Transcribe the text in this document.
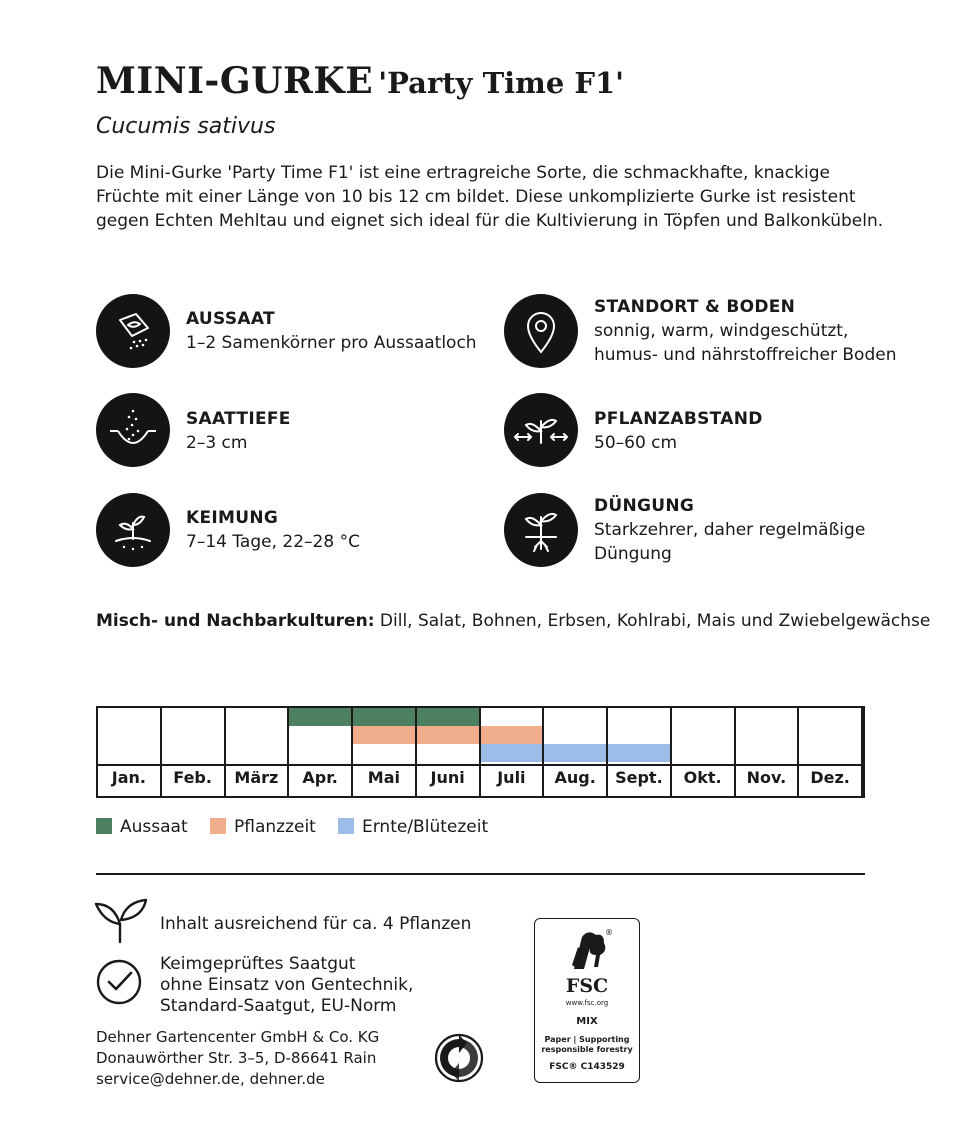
MINI-GURKE 'Party Time F1'
Cucumis sativus
Die Mini-Gurke 'Party Time F1' ist eine ertragreiche Sorte, die schmackhafte, knackige Früchte mit einer Länge von 10 bis 12 cm bildet. Diese unkomplizierte Gurke ist resistent gegen Echten Mehltau und eignet sich ideal für die Kultivierung in Töpfen und Balkonkübeln.
AUSSAAT
1–2 Samenkörner pro Aussaatloch
SAATTIEFE
2–3 cm
KEIMUNG
7–14 Tage, 22–28 °C
STANDORT & BODEN
sonnig, warm, windgeschützt,
humus- und nährstoffreicher Boden
PFLANZABSTAND
50–60 cm
DÜNGUNG
Starkzehrer, daher regelmäßige
Düngung
Misch- und Nachbarkulturen: Dill, Salat, Bohnen, Erbsen, Kohlrabi, Mais und Zwiebelgewächse
Jan.	Feb.	März	Apr.	Mai	Juni	Juli	Aug.	Sept.	Okt.	Nov.	Dez.
Aussaat	Pflanzzeit	Ernte/Blütezeit
Inhalt ausreichend für ca. 4 Pflanzen
Keimgeprüftes Saatgut
ohne Einsatz von Gentechnik,
Standard-Saatgut, EU-Norm
Dehner Gartencenter GmbH & Co. KG
Donauwörther Str. 3–5, D-86641 Rain
service@dehner.de, dehner.de
®
FSC
www.fsc.org
MIX
Paper | Supporting
responsible forestry
FSC® C143529
